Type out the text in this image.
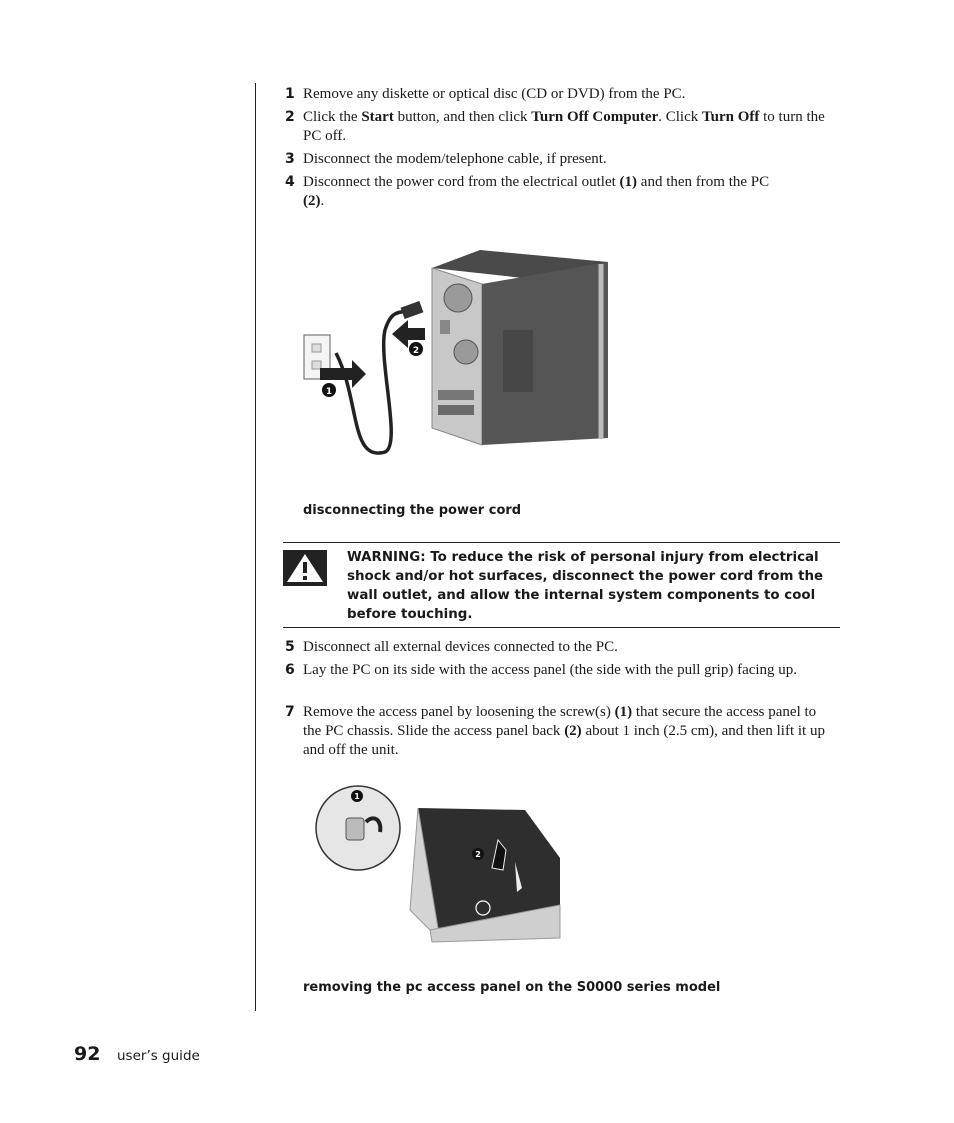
1 Remove any diskette or optical disc (CD or DVD) from the PC.
2 Click the Start button, and then click Turn Off Computer. Click Turn Off to turn the PC off.
3 Disconnect the modem/telephone cable, if present.
4 Disconnect the power cord from the electrical outlet (1) and then from the PC (2).
1
2
disconnecting the power cord
WARNING: To reduce the risk of personal injury from electrical shock and/or hot surfaces, disconnect the power cord from the wall outlet, and allow the internal system components to cool before touching.
5 Disconnect all external devices connected to the PC.
6 Lay the PC on its side with the access panel (the side with the pull grip) facing up.
7 Remove the access panel by loosening the screw(s) (1) that secure the access panel to the PC chassis. Slide the access panel back (2) about 1 inch (2.5 cm), and then lift it up and off the unit.
1
2
removing the pc access panel on the S0000 series model
92 user’s guide
